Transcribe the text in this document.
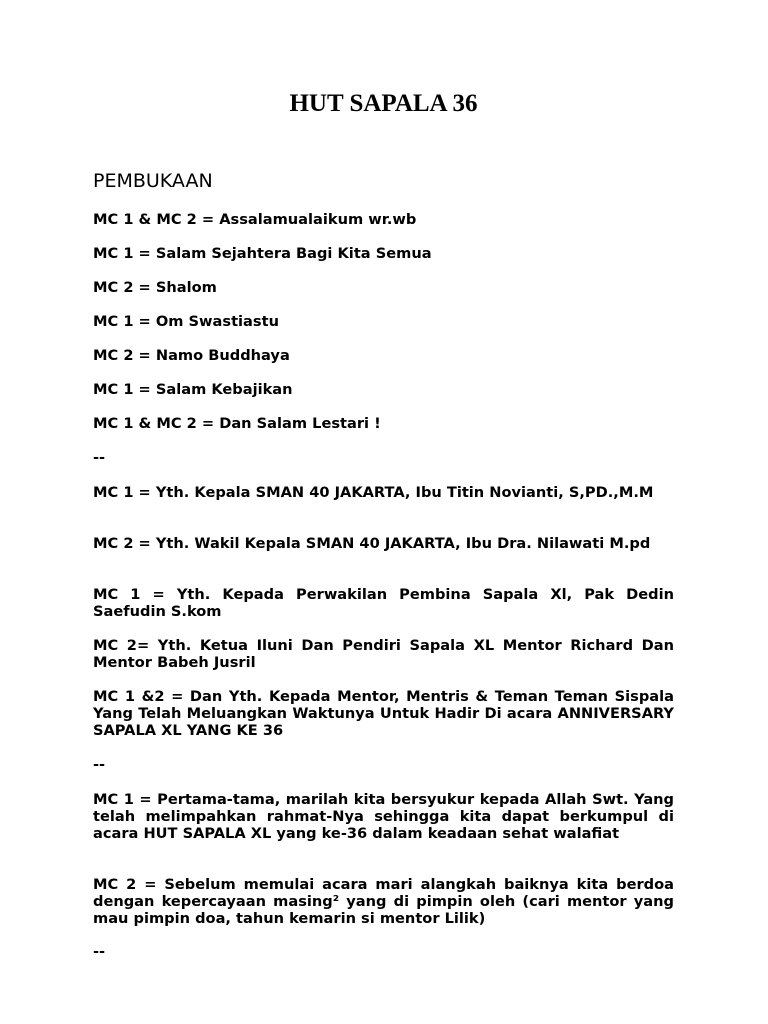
HUT SAPALA 36
PEMBUKAAN

MC 1 & MC 2 = Assalamualaikum wr.wb

MC 1 = Salam Sejahtera Bagi Kita Semua

MC 2 = Shalom

MC 1 = Om Swastiastu

MC 2 = Namo Buddhaya

MC 1 = Salam Kebajikan

MC 1 & MC 2 = Dan Salam Lestari !

--

MC 1 = Yth. Kepala SMAN 40 JAKARTA, Ibu Titin Novianti, S,PD.,M.M

MC 2 = Yth. Wakil Kepala SMAN 40 JAKARTA, Ibu Dra. Nilawati M.pd

MC 1 = Yth. Kepada Perwakilan Pembina Sapala Xl, Pak Dedin Saefudin S.kom

MC 2= Yth. Ketua Iluni Dan Pendiri Sapala XL Mentor Richard Dan Mentor Babeh Jusril

MC 1 &2 = Dan Yth. Kepada Mentor, Mentris & Teman Teman Sispala Yang Telah Meluangkan Waktunya Untuk Hadir Di acara ANNIVERSARY SAPALA XL YANG KE 36

--

MC 1 = Pertama-tama, marilah kita bersyukur kepada Allah Swt. Yang telah melimpahkan rahmat-Nya sehingga kita dapat berkumpul di acara HUT SAPALA XL yang ke-36 dalam keadaan sehat walafiat

MC 2 = Sebelum memulai acara mari alangkah baiknya kita berdoa dengan kepercayaan masing² yang di pimpin oleh (cari mentor yang mau pimpin doa, tahun kemarin si mentor Lilik)

--
